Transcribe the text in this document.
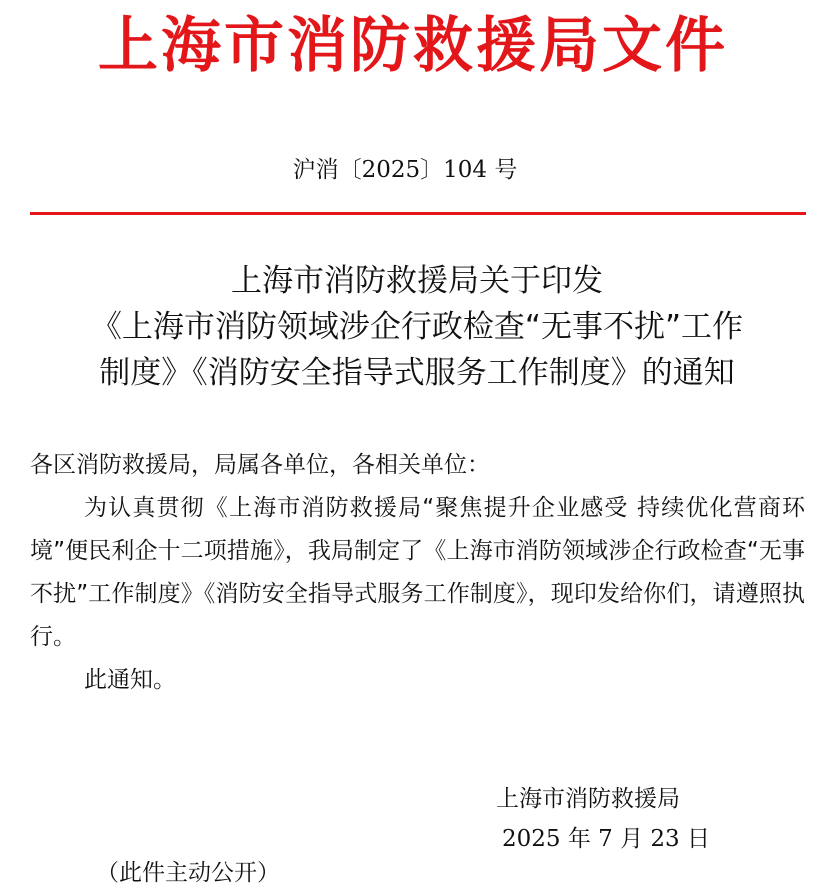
上海市消防救援局文件
沪消〔2025〕104 号
上海市消防救援局关于印发
《上海市消防领域涉企行政检查“无事不扰”工作
制度》《消防安全指导式服务工作制度》的通知

各区消防救援局，局属各单位，各相关单位：

为认真贯彻《上海市消防救援局“聚焦提升企业感受 持续优化营商环境”便民利企十二项措施》，我局制定了《上海市消防领域涉企行政检查“无事不扰”工作制度》《消防安全指导式服务工作制度》，现印发给你们，请遵照执行。

此通知。

上海市消防救援局
2025 年 7 月 23 日
（此件主动公开）
